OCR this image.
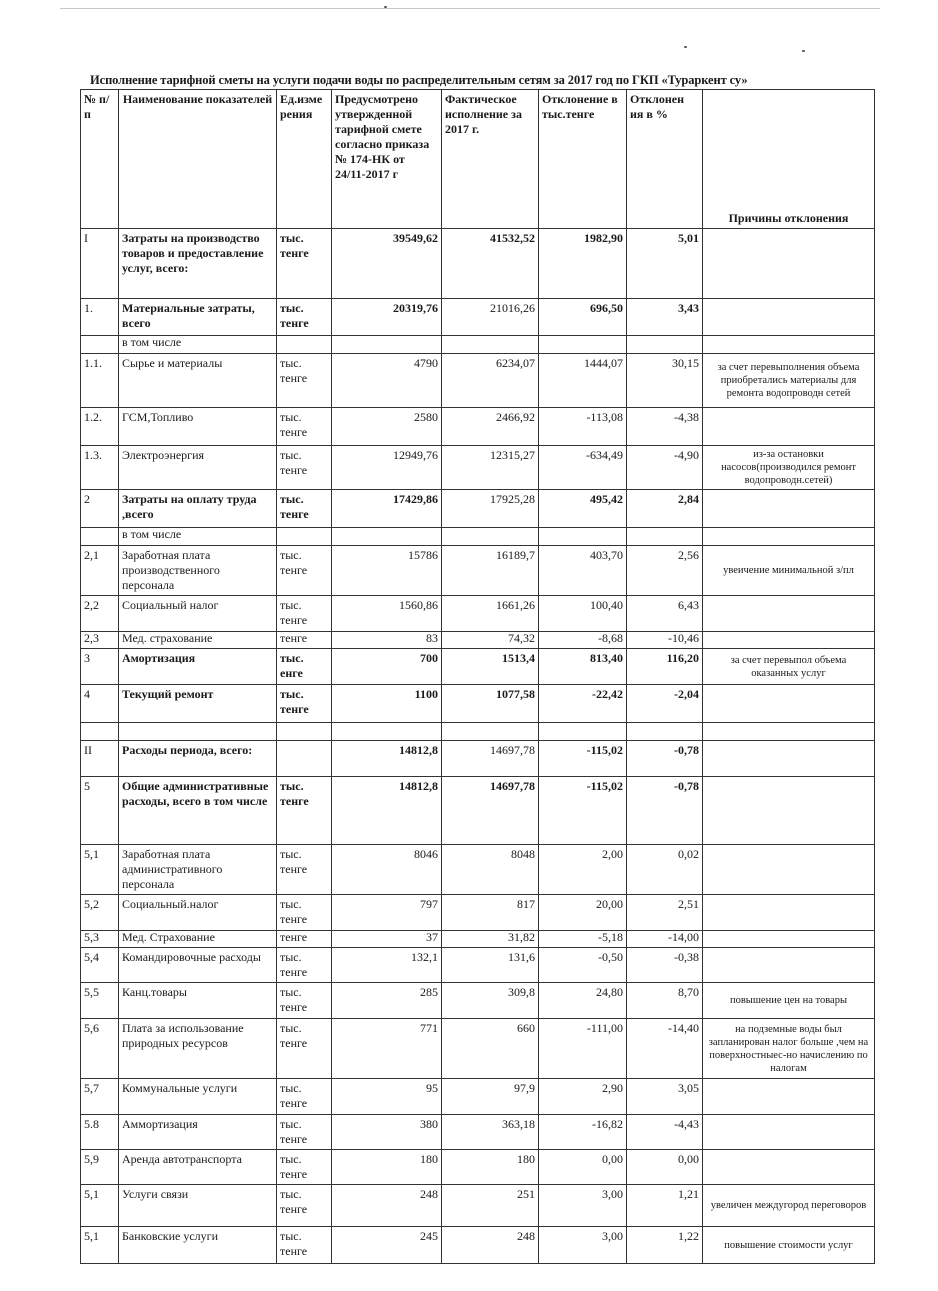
Исполнение тарифной сметы на услуги подачи воды по распределительным сетям за 2017 год по ГКП «Тураркент су»
№ п/п	Наименование показателей	Ед.изме рения	Предусмотрено утвержденной тарифной смете согласно приказа № 174-НК от 24/11-2017 г	Фактическое исполнение за 2017 г.	Отклонение в тыс.тенге	Отклонен ия в %	Причины отклонения
I	Затраты на производство товаров и предоставление услуг, всего:	тыс. тенге	39549,62	41532,52	1982,90	5,01	
1.	Материальные затраты, всего	тыс. тенге	20319,76	21016,26	696,50	3,43	
	в том числе						
1.1.	Сырье и материалы	тыс. тенге	4790	6234,07	1444,07	30,15	за счет перевыполнения объема приобретались материалы для ремонта водопроводн сетей
1.2.	ГСМ,Топливо	тыс. тенге	2580	2466,92	-113,08	-4,38	
1.3.	Электроэнергия	тыс. тенге	12949,76	12315,27	-634,49	-4,90	из-за остановки насосов(производился ремонт водопроводн.сетей)
2	Затраты на оплату труда ,всего	тыс. тенге	17429,86	17925,28	495,42	2,84	
	в том числе						
2,1	Заработная плата производственного персонала	тыс. тенге	15786	16189,7	403,70	2,56	увеичение минимальной з/пл
2,2	Социальный налог	тыс. тенге	1560,86	1661,26	100,40	6,43	
2,3	Мед. страхование	тенге	83	74,32	-8,68	-10,46	
3	Амортизация	тыс. енге	700	1513,4	813,40	116,20	за счет перевыпол объема оказанных услуг
4	Текущий ремонт	тыс. тенге	1100	1077,58	-22,42	-2,04	

II	Расходы периода, всего:		14812,8	14697,78	-115,02	-0,78	
5	Общие административные расходы, всего в том числе	тыс. тенге	14812,8	14697,78	-115,02	-0,78	
5,1	Заработная плата административного персонала	тыс. тенге	8046	8048	2,00	0,02	
5,2	Социальный.налог	тыс. тенге	797	817	20,00	2,51	
5,3	Мед. Страхование	тенге	37	31,82	-5,18	-14,00	
5,4	Командировочные расходы	тыс. тенге	132,1	131,6	-0,50	-0,38	
5,5	Канц.товары	тыс. тенге	285	309,8	24,80	8,70	повышение цен на товары
5,6	Плата за использование природных ресурсов	тыс. тенге	771	660	-111,00	-14,40	на подземные воды был запланирован налог больше ,чем на поверхностныес-но начислению по налогам
5,7	Коммунальные услуги	тыс. тенге	95	97,9	2,90	3,05	
5.8	Аммортизация	тыс. тенге	380	363,18	-16,82	-4,43	
5,9	Аренда автотранспорта	тыс. тенге	180	180	0,00	0,00	
5,1	Услуги связи	тыс. тенге	248	251	3,00	1,21	увеличен междугород переговоров
5,1	Банковские услуги	тыс. тенге	245	248	3,00	1,22	повышение стоимости услуг
